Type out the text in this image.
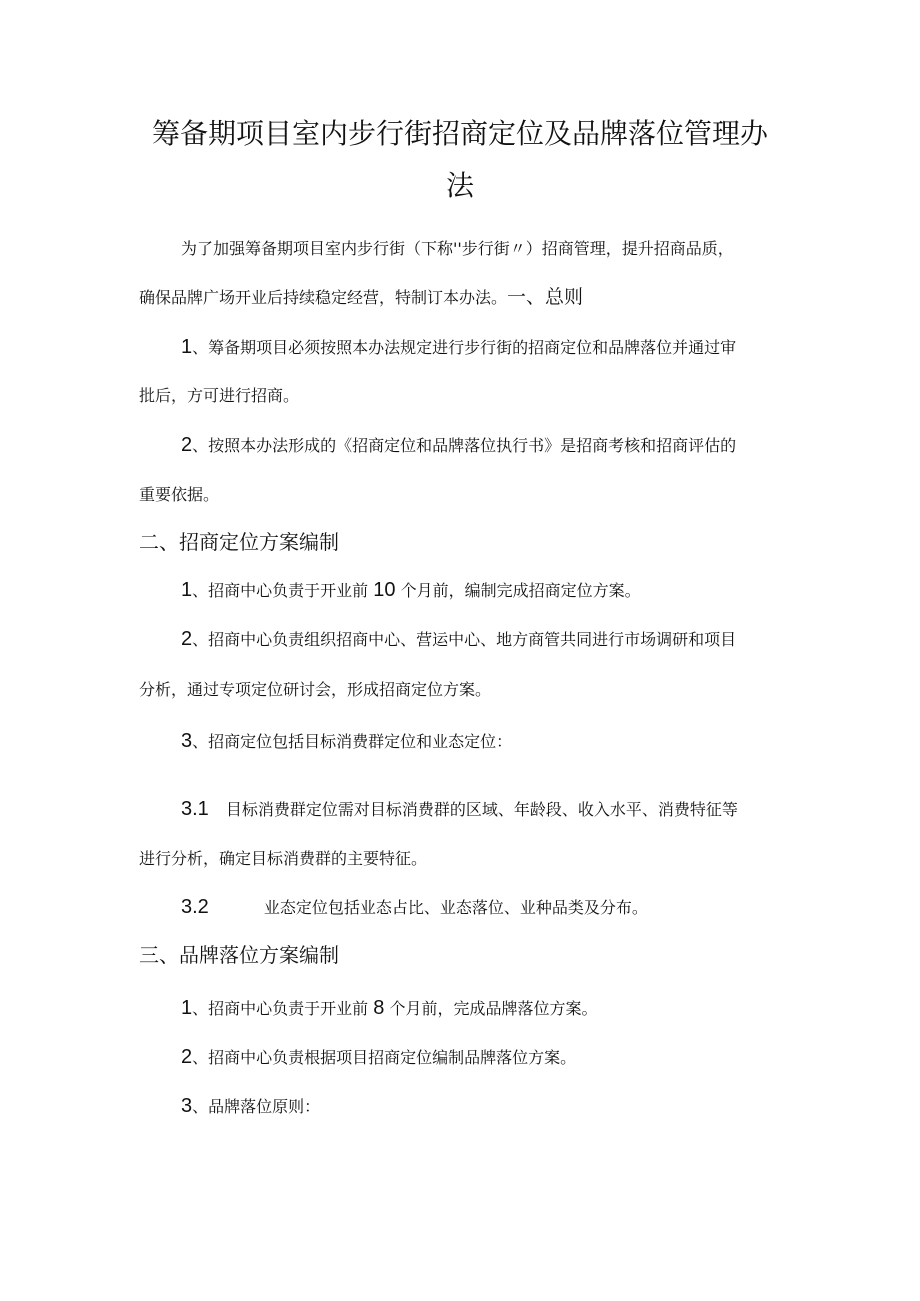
筹备期项目室内步行街招商定位及品牌落位管理办
法

为了加强筹备期项目室内步行街（下称''步行街〃）招商管理，提升招商品质，

确保品牌广场开业后持续稳定经营，特制订本办法。一、总则

1、筹备期项目必须按照本办法规定进行步行街的招商定位和品牌落位并通过审

批后，方可进行招商。

2、按照本办法形成的《招商定位和品牌落位执行书》是招商考核和招商评估的

重要依据。

二、招商定位方案编制

1、招商中心负责于开业前 10 个月前，编制完成招商定位方案。

2、招商中心负责组织招商中心、营运中心、地方商管共同进行市场调研和项目

分析，通过专项定位研讨会，形成招商定位方案。

3、招商定位包括目标消费群定位和业态定位：

3.1 目标消费群定位需对目标消费群的区域、年龄段、收入水平、消费特征等

进行分析，确定目标消费群的主要特征。

3.2	业态定位包括业态占比、业态落位、业种品类及分布。

三、品牌落位方案编制

1、招商中心负责于开业前 8 个月前，完成品牌落位方案。

2、招商中心负责根据项目招商定位编制品牌落位方案。

3、品牌落位原则：
